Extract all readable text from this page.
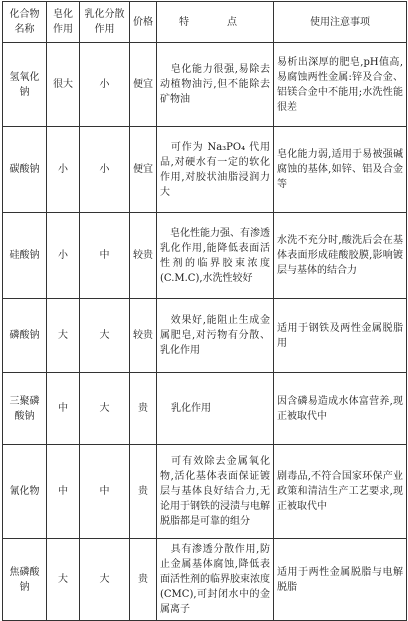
化合物名称	皂化作用	乳化分散作用	价格	特　点	使用注意事项
氢氧化钠	很大	小	便宜	皂化能力很强,易除去动植物油污,但不能除去矿物油	易析出深厚的肥皂,pH值高,易腐蚀两性金属:锌及合金、铝镁合金中不能用;水洗性能很差
碳酸钠	小	小	便宜	可作为 Na₃PO₄ 代用品,对硬水有一定的软化作用,对胶状油脂浸润力大	皂化能力弱,适用于易被强碱腐蚀的基体,如锌、铝及合金等
硅酸钠	小	中	较贵	皂化性能力强、有渗透乳化作用,能降低表面活性剂的临界胶束浓度(C.M.C),水洗性较好	水洗不充分时,酸洗后会在基体表面形成硅酸胶膜,影响镀层与基体的结合力
磷酸钠	大	大	较贵	效果好,能阻止生成金属肥皂,对污物有分散、乳化作用	适用于钢铁及两性金属脱脂用
三聚磷酸钠	中	大	贵	乳化作用	因含磷易造成水体富营养,现正被取代中
氰化物	中	中	贵	可有效除去金属氧化物,活化基体表面保证镀层与基体良好结合力,无论用于钢铁的浸渍与电解脱脂都是可靠的组分	剧毒品,不符合国家环保产业政策和清洁生产工艺要求,现正被取代中
焦磷酸钠	大	大	贵	具有渗透分散作用,防止金属基体腐蚀,降低表面活性剂的临界胶束浓度(CMC),可封闭水中的金属离子	适用于两性金属脱脂与电解脱脂
